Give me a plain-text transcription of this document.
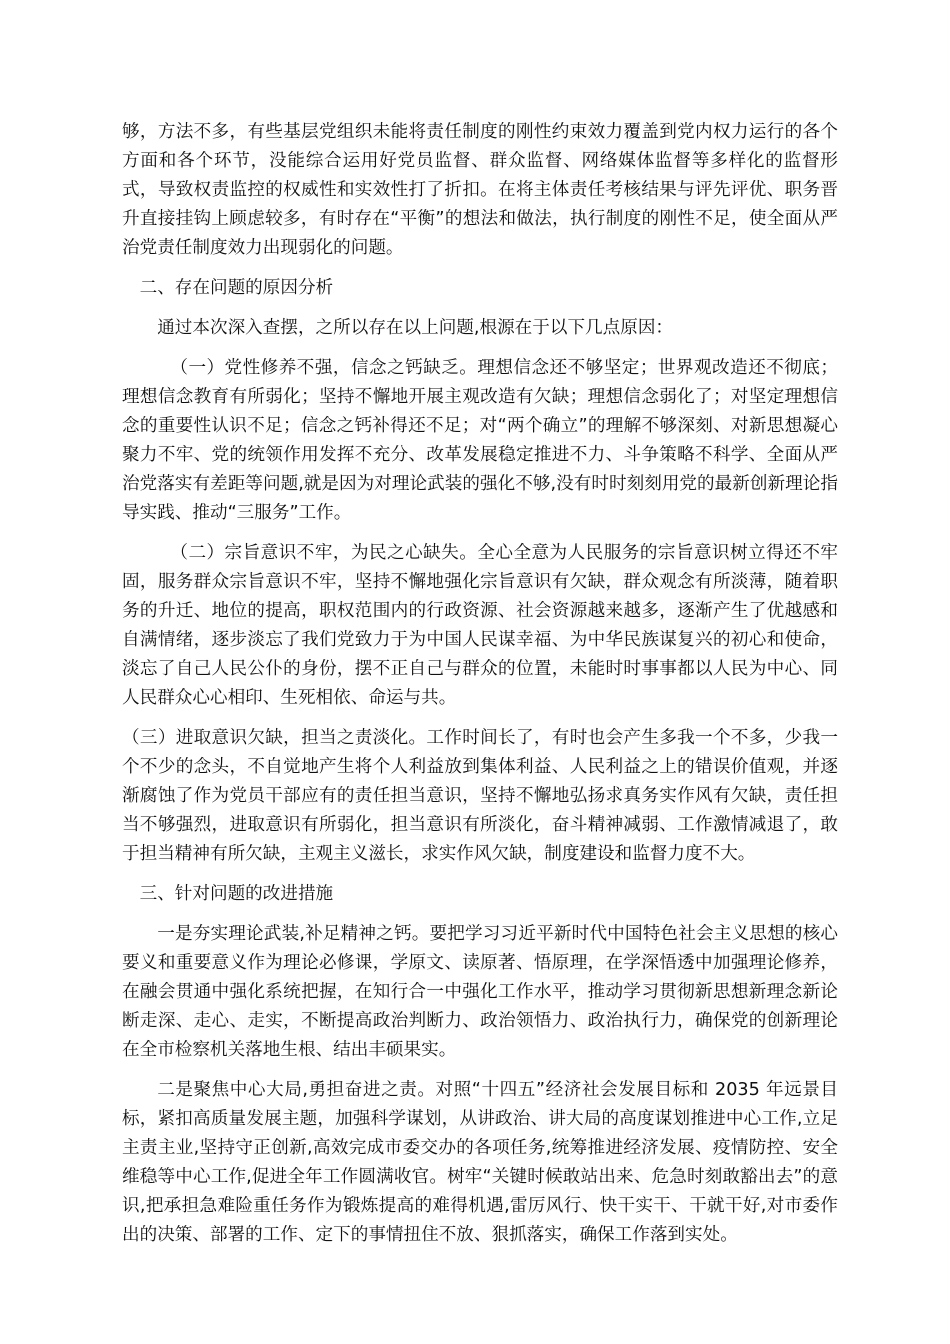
够，方法不多，有些基层党组织未能将责任制度的刚性约束效力覆盖到党内权力运行的各个方面和各个环节，没能综合运用好党员监督、群众监督、网络媒体监督等多样化的监督形式，导致权责监控的权威性和实效性打了折扣。在将主体责任考核结果与评先评优、职务晋升直接挂钩上顾虑较多，有时存在“平衡”的想法和做法，执行制度的刚性不足，使全面从严治党责任制度效力出现弱化的问题。

二、存在问题的原因分析

通过本次深入查摆，之所以存在以上问题,根源在于以下几点原因：

（一）党性修养不强，信念之钙缺乏。理想信念还不够坚定；世界观改造还不彻底；理想信念教育有所弱化；坚持不懈地开展主观改造有欠缺；理想信念弱化了；对坚定理想信念的重要性认识不足；信念之钙补得还不足；对“两个确立”的理解不够深刻、对新思想凝心聚力不牢、党的统领作用发挥不充分、改革发展稳定推进不力、斗争策略不科学、全面从严治党落实有差距等问题,就是因为对理论武装的强化不够,没有时时刻刻用党的最新创新理论指导实践、推动“三服务”工作。

（二）宗旨意识不牢，为民之心缺失。全心全意为人民服务的宗旨意识树立得还不牢固，服务群众宗旨意识不牢，坚持不懈地强化宗旨意识有欠缺，群众观念有所淡薄，随着职务的升迁、地位的提高，职权范围内的行政资源、社会资源越来越多，逐渐产生了优越感和自满情绪，逐步淡忘了我们党致力于为中国人民谋幸福、为中华民族谋复兴的初心和使命，淡忘了自己人民公仆的身份，摆不正自己与群众的位置，未能时时事事都以人民为中心、同人民群众心心相印、生死相依、命运与共。

（三）进取意识欠缺，担当之责淡化。工作时间长了，有时也会产生多我一个不多，少我一个不少的念头，不自觉地产生将个人利益放到集体利益、人民利益之上的错误价值观，并逐渐腐蚀了作为党员干部应有的责任担当意识，坚持不懈地弘扬求真务实作风有欠缺，责任担当不够强烈，进取意识有所弱化，担当意识有所淡化，奋斗精神减弱、工作激情减退了，敢于担当精神有所欠缺，主观主义滋长，求实作风欠缺，制度建设和监督力度不大。

三、针对问题的改进措施

一是夯实理论武装,补足精神之钙。要把学习习近平新时代中国特色社会主义思想的核心要义和重要意义作为理论必修课，学原文、读原著、悟原理，在学深悟透中加强理论修养，在融会贯通中强化系统把握，在知行合一中强化工作水平，推动学习贯彻新思想新理念新论断走深、走心、走实，不断提高政治判断力、政治领悟力、政治执行力，确保党的创新理论在全市检察机关落地生根、结出丰硕果实。

二是聚焦中心大局,勇担奋进之责。对照“十四五”经济社会发展目标和 2035 年远景目标，紧扣高质量发展主题，加强科学谋划，从讲政治、讲大局的高度谋划推进中心工作,立足主责主业,坚持守正创新,高效完成市委交办的各项任务,统筹推进经济发展、疫情防控、安全维稳等中心工作,促进全年工作圆满收官。树牢“关键时候敢站出来、危急时刻敢豁出去”的意识,把承担急难险重任务作为锻炼提高的难得机遇,雷厉风行、快干实干、干就干好,对市委作出的决策、部署的工作、定下的事情扭住不放、狠抓落实，确保工作落到实处。
